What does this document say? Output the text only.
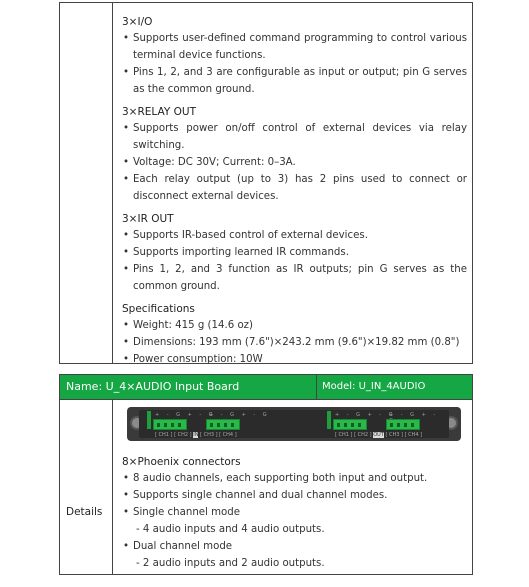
3×I/O
• Supports user-defined command programming to control various terminal device functions.
• Pins 1, 2, and 3 are configurable as input or output; pin G serves as the common ground.
3×RELAY OUT
• Supports power on/off control of external devices via relay switching.
• Voltage: DC 30V; Current: 0–3A.
• Each relay output (up to 3) has 2 pins used to connect or disconnect external devices.
3×IR OUT
• Supports IR-based control of external devices.
• Supports importing learned IR commands.
• Pins 1, 2, and 3 function as IR outputs; pin G serves as the common ground.
Specifications
• Weight: 415 g (14.6 oz)
• Dimensions: 193 mm (7.6")×243.2 mm (9.6")×19.82 mm (0.8")
• Power consumption: 10W
Name: U_4×AUDIO Input Board	Model: U_IN_4AUDIO
Details
+ - G + - G
+ - G + - G
[ CH1 ] [ CH2 ] IN [ CH3 ] [ CH4 ]
+ - G + - G
+ - G + -
[ CH1 ] [ CH2 ] OUT [ CH3 ] [ CH4 ]
8×Phoenix connectors
• 8 audio channels, each supporting both input and output.
• Supports single channel and dual channel modes.
• Single channel mode
- 4 audio inputs and 4 audio outputs.
• Dual channel mode
- 2 audio inputs and 2 audio outputs.
